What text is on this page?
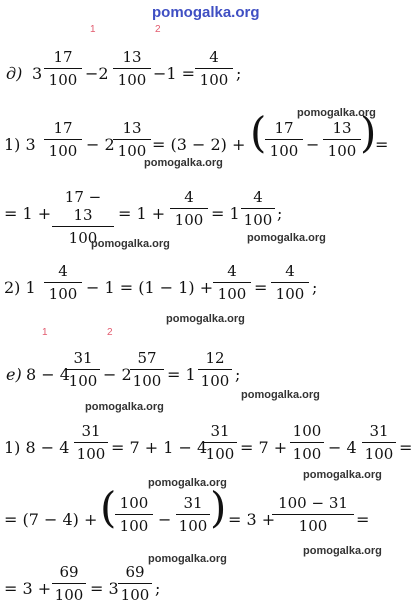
pomogalka.org
1	2
д) 3
17
100 −2
13
100 −1 =
4
100 ;
pomogalka.org
1) 3
17
100 − 2
13
100 = (3 − 2) + ( 17
100 −
13
100 )
=
pomogalka.org
= 1 +
17 − 13
100
= 1 +
4
100 = 1
4
100 ;
pomogalka.org
pomogalka.org
2) 1
4
100 − 1 = (1 − 1) +
4
100 =
4
100 ;
pomogalka.org
1	2
е) 8 − 4
31
100 − 2
57
100 = 1
12
100 ;
pomogalka.org
pomogalka.org
1) 8 − 4
31
100 = 7 + 1 − 4
31
100 = 7 +
100
100 − 4
31
100 =
pomogalka.org
pomogalka.org
= (7 − 4) + ( 100
100 −
31
100 ) = 3 +
100 − 31
100	=
pomogalka.org
= 3 +
69
100 = 3
69
100 ;
pomogalka.org
